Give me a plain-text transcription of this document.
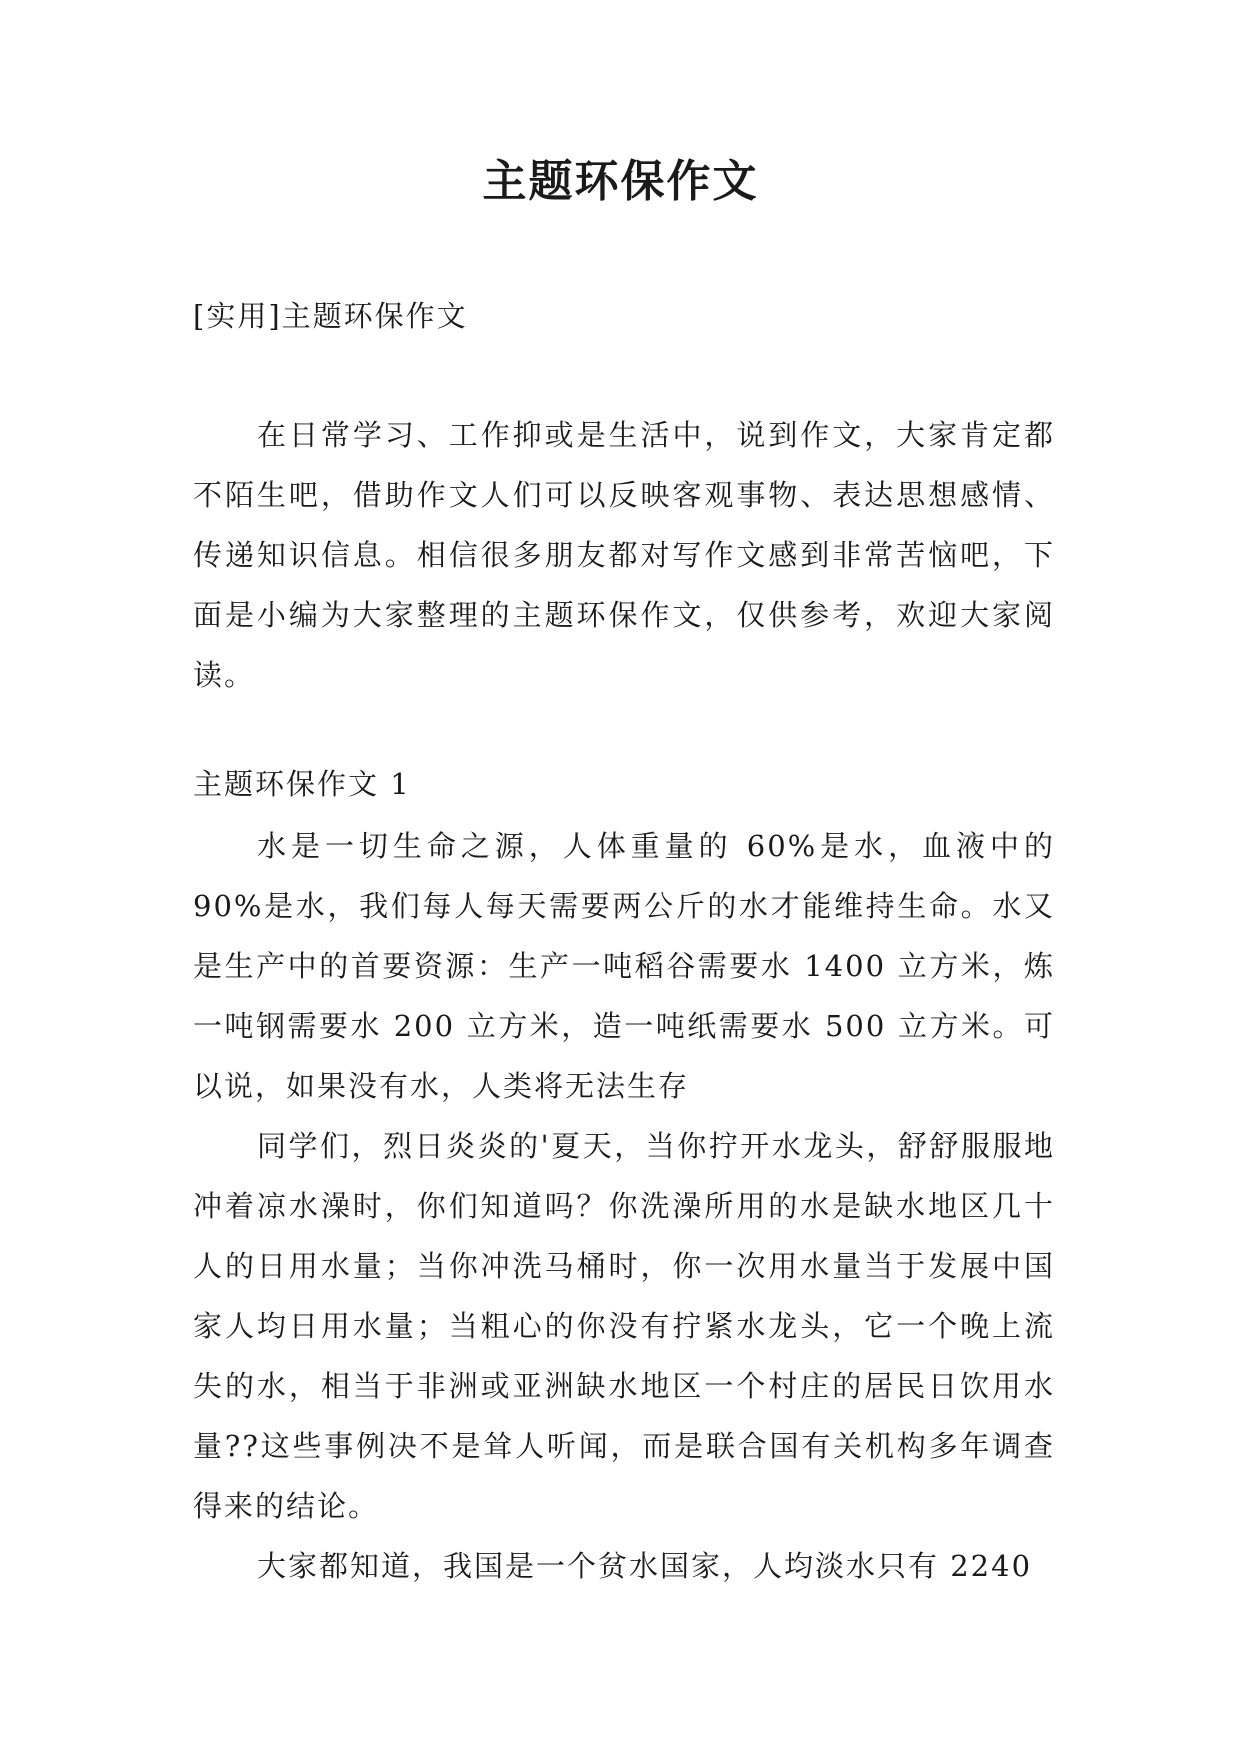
主题环保作文

[实用]主题环保作文

在日常学习、工作抑或是生活中，说到作文，大家肯定都不陌生吧，借助作文人们可以反映客观事物、表达思想感情、传递知识信息。相信很多朋友都对写作文感到非常苦恼吧，下面是小编为大家整理的主题环保作文，仅供参考，欢迎大家阅读。

主题环保作文 1

水是一切生命之源，人体重量的 60%是水，血液中的 90%是水，我们每人每天需要两公斤的水才能维持生命。水又是生产中的首要资源：生产一吨稻谷需要水 1400 立方米，炼一吨钢需要水 200 立方米，造一吨纸需要水 500 立方米。可以说，如果没有水，人类将无法生存

同学们，烈日炎炎的'夏天，当你拧开水龙头，舒舒服服地冲着凉水澡时，你们知道吗？你洗澡所用的水是缺水地区几十人的日用水量；当你冲洗马桶时，你一次用水量当于发展中国家人均日用水量；当粗心的你没有拧紧水龙头，它一个晚上流失的水，相当于非洲或亚洲缺水地区一个村庄的居民日饮用水量??这些事例决不是耸人听闻，而是联合国有关机构多年调查得来的结论。

大家都知道，我国是一个贫水国家，人均淡水只有 2240
